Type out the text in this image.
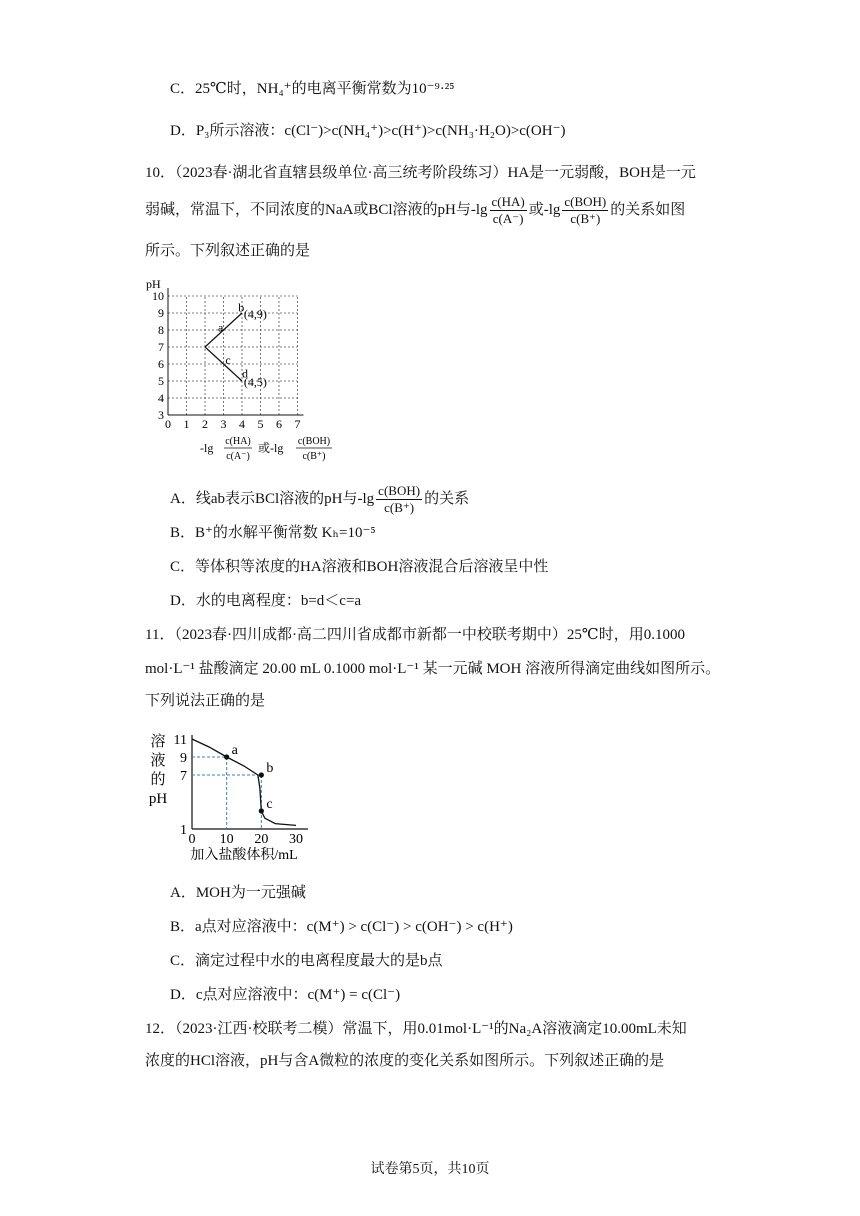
C．25℃时，NH₄⁺的电离平衡常数为10⁻⁹·²⁵
D．P₃所示溶液：c(Cl⁻)>c(NH₄⁺)>c(H⁺)>c(NH₃·H₂O)>c(OH⁻)
10．（2023春·湖北省直辖县级单位·高三统考阶段练习）HA是一元弱酸，BOH是一元
弱碱，常温下，不同浓度的NaA或BCl溶液的pH与$-\lg \frac{c(HA)}{c(A^-)}$ 或$-\lg \frac{\text{c(BOH)}}{c(B^+)}$ 的关系如图
所示。下列叙述正确的是
3
4
5
6
7
8
9
10
0 1 2 3 4 5 6 7
pH
a
b
c
d
(4,9)
(4,5)
-lg c(HA)
c(A⁻)
或-lg c(BOH)
c(B⁺)
A．线ab表示BCl溶液的pH与$-\lg \frac{\text{c(BOH)}}{c(B^+)}$ 的关系
B．B⁺的水解平衡常数 Kₕ=10⁻⁵
C．等体积等浓度的HA溶液和BOH溶液混合后溶液呈中性
D．水的电离程度：b=d＜c=a
11．（2023春·四川成都·高二四川省成都市新都一中校联考期中）25℃时，用0.1000
mol·L⁻¹ 盐酸滴定 20.00 mL 0.1000 mol·L⁻¹ 某一元碱 MOH 溶液所得滴定曲线如图所示。
下列说法正确的是
溶
液
的
pH
1
7
9
11
0 10 20 30
加入盐酸体积/mL
a
b
c
A．MOH为一元强碱
B．a点对应溶液中：c(M⁺) > c(Cl⁻) > c(OH⁻) > c(H⁺)
C．滴定过程中水的电离程度最大的是b点
D．c点对应溶液中：c(M⁺) = c(Cl⁻)
12．（2023·江西·校联考二模）常温下，用0.01mol·L⁻¹的Na₂A溶液滴定10.00mL未知
浓度的HCl溶液，pH与含A微粒的浓度的变化关系如图所示。下列叙述正确的是
试卷第5页，共10页
